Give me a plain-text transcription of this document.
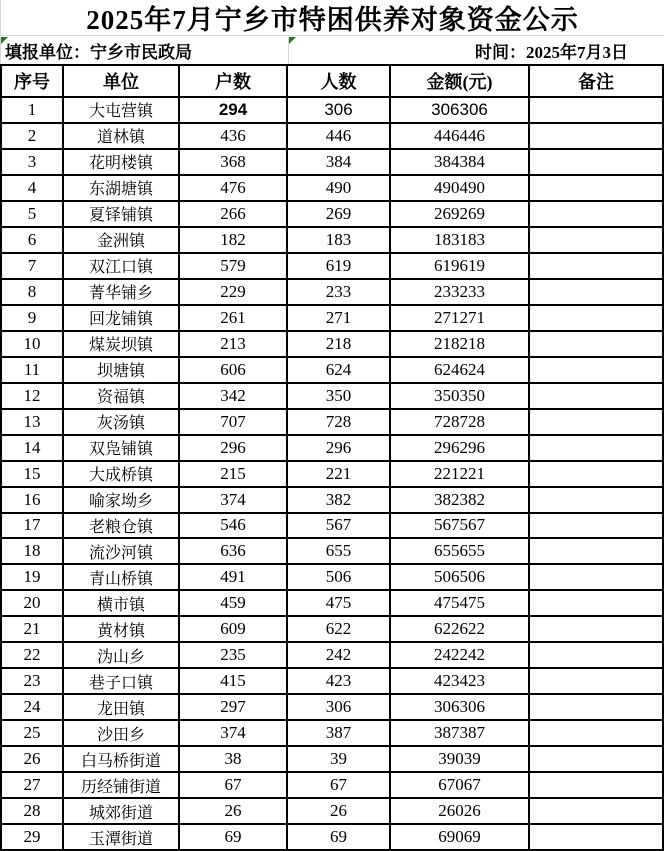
2025年7月宁乡市特困供养对象资金公示
填报单位：宁乡市民政局	时间：2025年7月3日
序号	单位	户数	人数	金额(元)	备注
1	大屯营镇	294	306	306306
2	道林镇	436	446	446446
3	花明楼镇	368	384	384384
4	东湖塘镇	476	490	490490
5	夏铎铺镇	266	269	269269
6	金洲镇	182	183	183183
7	双江口镇	579	619	619619
8	菁华铺乡	229	233	233233
9	回龙铺镇	261	271	271271
10	煤炭坝镇	213	218	218218
11	坝塘镇	606	624	624624
12	资福镇	342	350	350350
13	灰汤镇	707	728	728728
14	双凫铺镇	296	296	296296
15	大成桥镇	215	221	221221
16	喻家坳乡	374	382	382382
17	老粮仓镇	546	567	567567
18	流沙河镇	636	655	655655
19	青山桥镇	491	506	506506
20	横市镇	459	475	475475
21	黄材镇	609	622	622622
22	沩山乡	235	242	242242
23	巷子口镇	415	423	423423
24	龙田镇	297	306	306306
25	沙田乡	374	387	387387
26	白马桥街道	38	39	39039
27	历经铺街道	67	67	67067
28	城郊街道	26	26	26026
29	玉潭街道	69	69	69069
